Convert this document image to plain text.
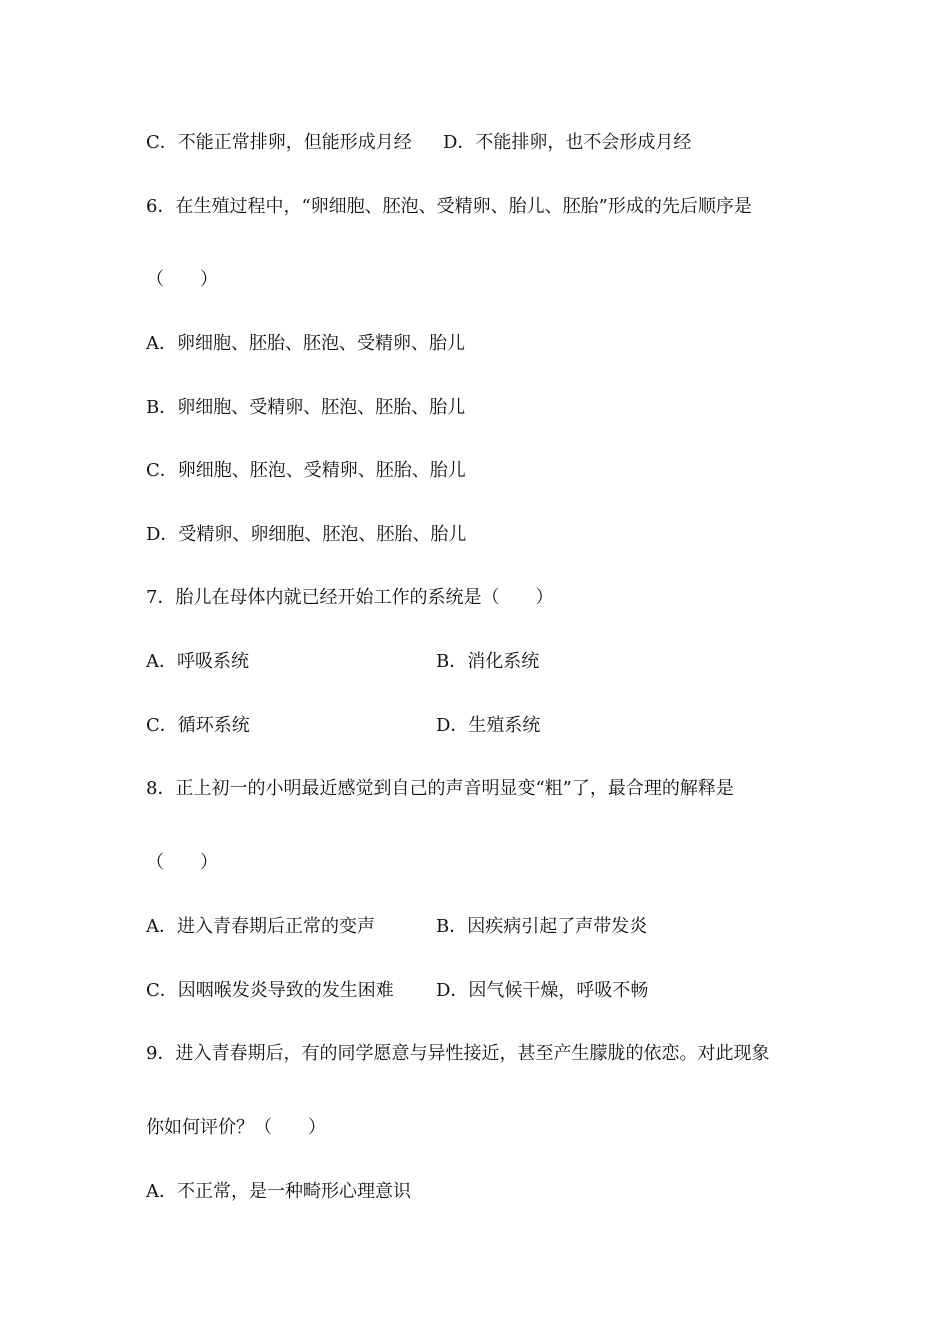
C．不能正常排卵，但能形成月经 D．不能排卵，也不会形成月经
6．在生殖过程中，“卵细胞、胚泡、受精卵、胎儿、胚胎”形成的先后顺序是
（　　）
A．卵细胞、胚胎、胚泡、受精卵、胎儿
B．卵细胞、受精卵、胚泡、胚胎、胎儿
C．卵细胞、胚泡、受精卵、胚胎、胎儿
D．受精卵、卵细胞、胚泡、胚胎、胎儿
7．胎儿在母体内就已经开始工作的系统是（　　）
A．呼吸系统	B．消化系统
C．循环系统	D．生殖系统
8．正上初一的小明最近感觉到自己的声音明显变“粗”了，最合理的解释是
（　　）
A．进入青春期后正常的变声	B．因疾病引起了声带发炎
C．因咽喉发炎导致的发生困难 D．因气候干燥，呼吸不畅
9．进入青春期后，有的同学愿意与异性接近，甚至产生朦胧的依恋。对此现象
你如何评价？（　　）
A．不正常，是一种畸形心理意识
